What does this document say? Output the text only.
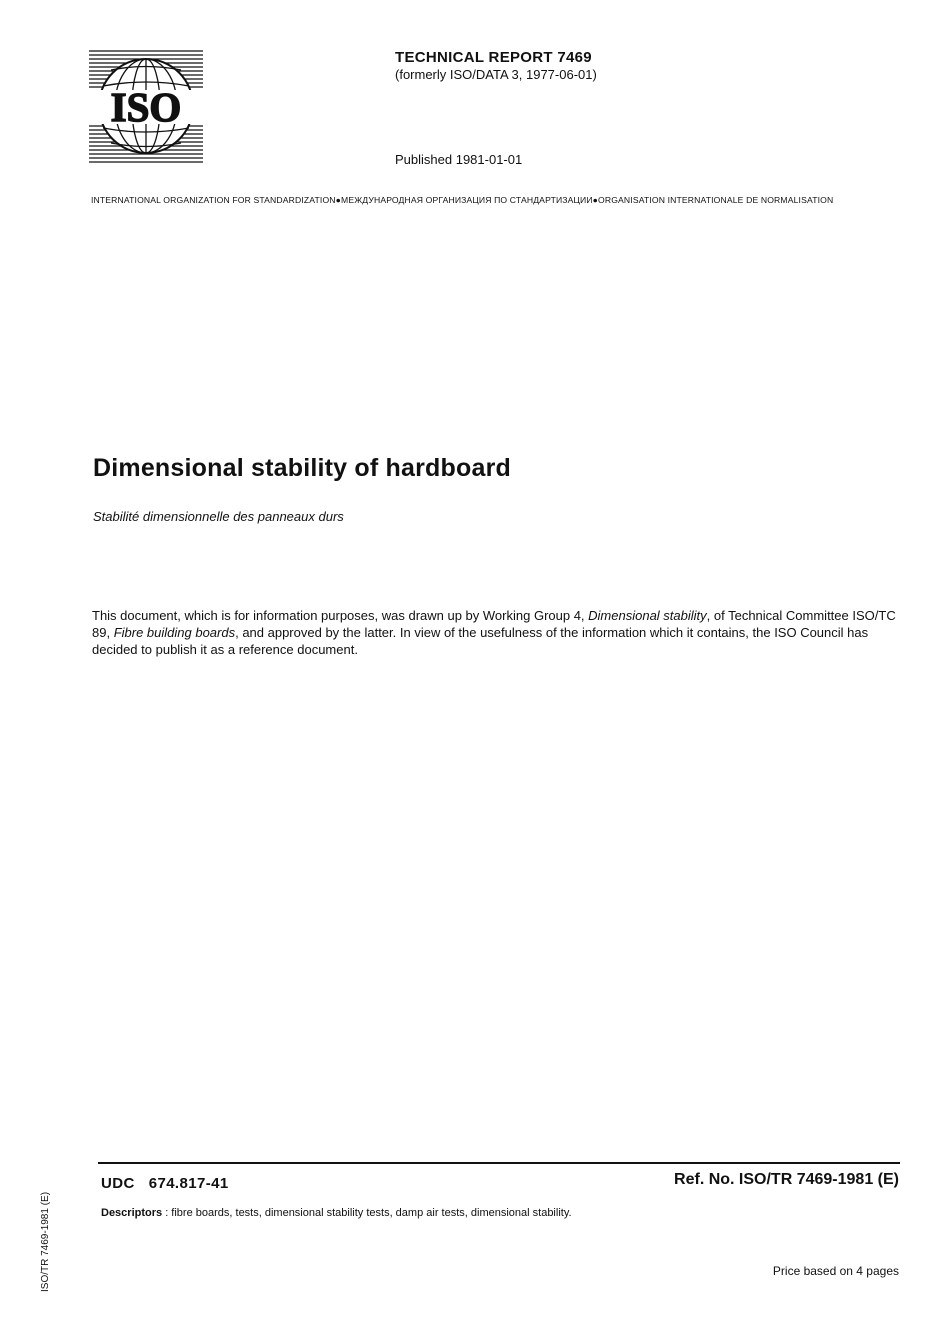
ISO
TECHNICAL REPORT 7469
(formerly ISO/DATA 3, 1977-06-01)
Published 1981-01-01
INTERNATIONAL ORGANIZATION FOR STANDARDIZATION●МЕЖДУНАРОДНАЯ ОРГАНИЗАЦИЯ ПО СТАНДАРТИЗАЦИИ●ORGANISATION INTERNATIONALE DE NORMALISATION
Dimensional stability of hardboard
Stabilité dimensionnelle des panneaux durs
This document, which is for information purposes, was drawn up by Working Group 4, Dimensional stability, of Technical Committee ISO/TC 89, Fibre building boards, and approved by the latter. In view of the usefulness of the information which it contains, the ISO Council has decided to publish it as a reference document.
UDC 674.817-41	Ref. No. ISO/TR 7469-1981 (E)
Descriptors : fibre boards, tests, dimensional stability tests, damp air tests, dimensional stability.
Price based on 4 pages
ISO/TR 7469-1981 (E)
